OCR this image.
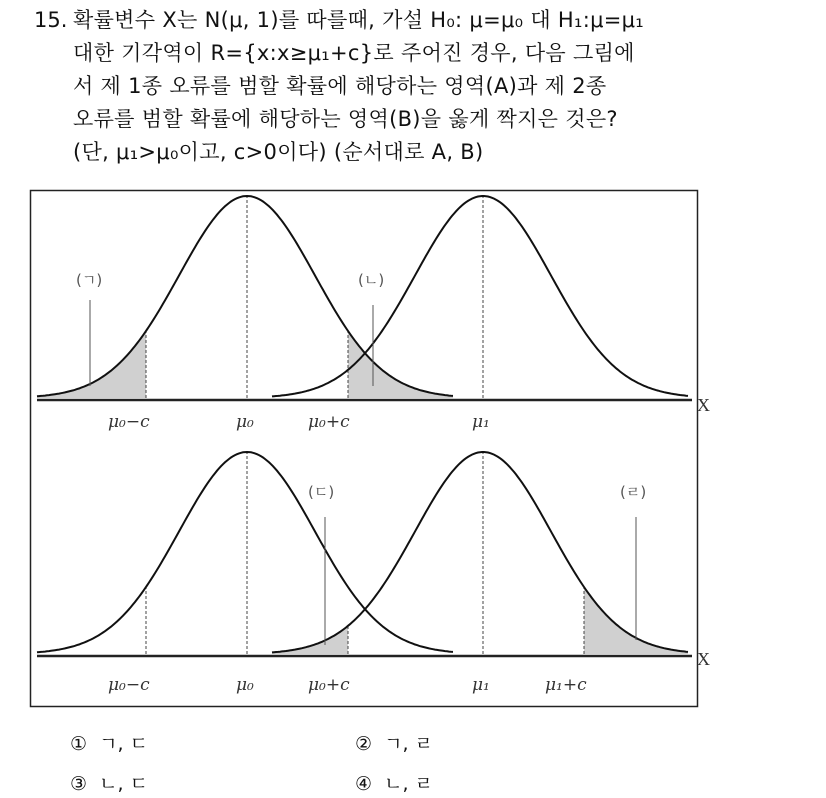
15. 확률변수 X는 N(μ, 1)를 따를때, 가설 H₀: μ=μ₀ 대 H₁:μ=μ₁
대한 기각역이 R={x:x≥μ₁+c}로 주어진 경우, 다음 그림에
서 제 1종 오류를 범할 확률에 해당하는 영역(A)과 제 2종
오류를 범할 확률에 해당하는 영역(B)을 옳게 짝지은 것은?
(단, μ₁>μ₀이고, c>0이다) (순서대로 A, B)
μ₀−c	μ₀	μ₀+c	μ₁
X
μ₀−c	μ₀	μ₀+c	μ₁	μ₁+c
X
(ㄱ)	(ㄴ)
(ㄷ)	(ㄹ)
① ㄱ, ㄷ	② ㄱ, ㄹ
③ ㄴ, ㄷ	④ ㄴ, ㄹ
